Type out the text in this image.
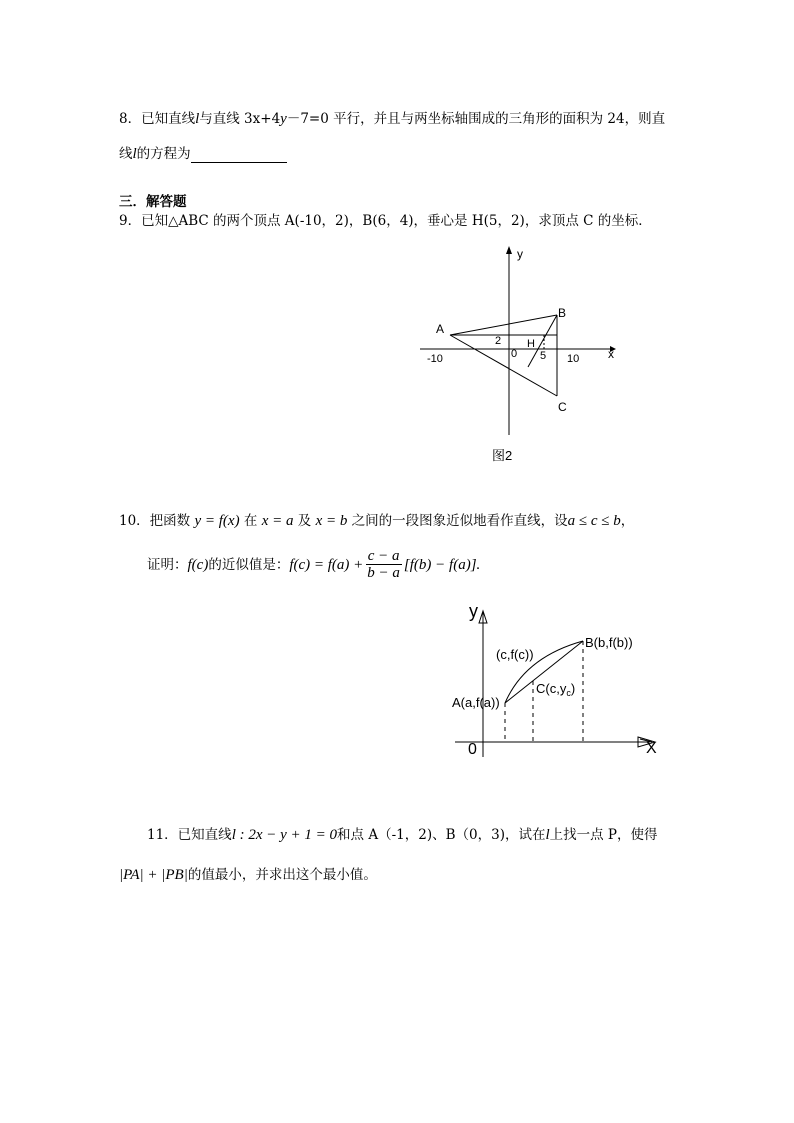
8．已知直线l与直线 3x+4y－7=0 平行，并且与两坐标轴围成的三角形的面积为 24，则直
线l的方程为
三．解答题
9．已知△ABC 的两个顶点 A(-10，2)，B(6，4)，垂心是 H(5，2)，求顶点 C 的坐标．
y
x
A
B
C
H
0
2
-10	5 10
图2
10．把函数 y = f(x) 在 x = a 及 x = b 之间的一段图象近似地看作直线，设a ≤ c ≤ b，
证明： f(c) 的近似值是： $f(c) = f(a) + \frac{c - a}{b - a} [f(b) - f(a)]$.
y
X
0
B(b,f(b))
(c,f(c))
$C(c,y_c)$
A(a,f(a))
11．已知直线l : 2x − y + 1 = 0和点 A（-1，2)、B（0，3)，试在l上找一点 P，使得
|PA| + |PB|的值最小，并求出这个最小值。
